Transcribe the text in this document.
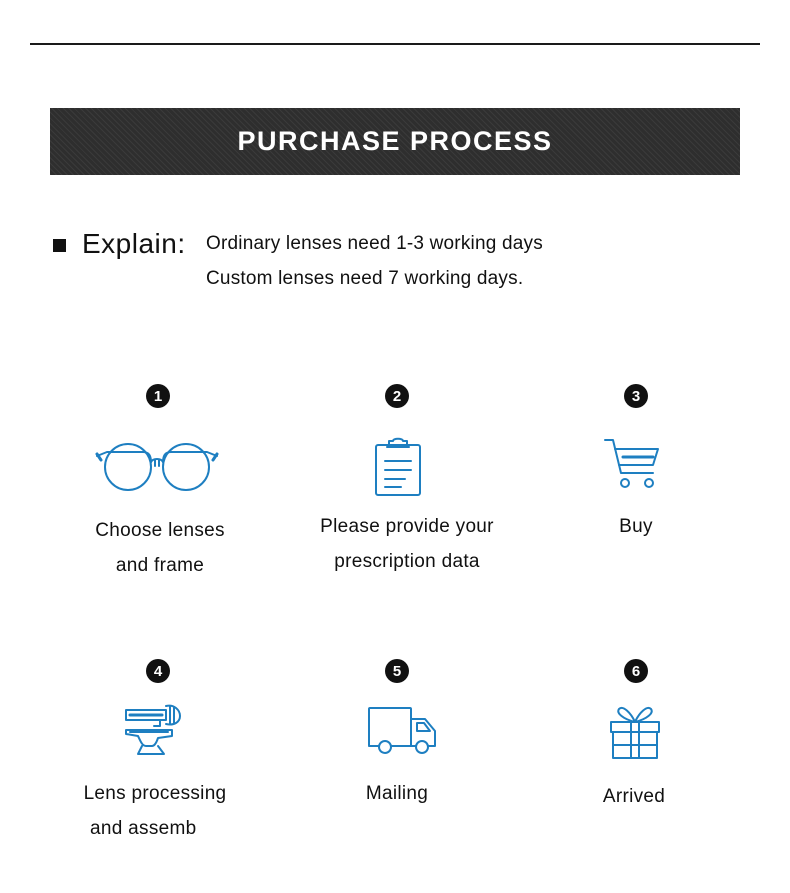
PURCHASE PROCESS
Explain: Ordinary lenses need 1-3 working days
Custom lenses need 7 working days.
1
Choose lenses
and frame
2
Please provide your
prescription data
3
Buy
4
Lens processing
and assemb
5
Mailing
6
Arrived
